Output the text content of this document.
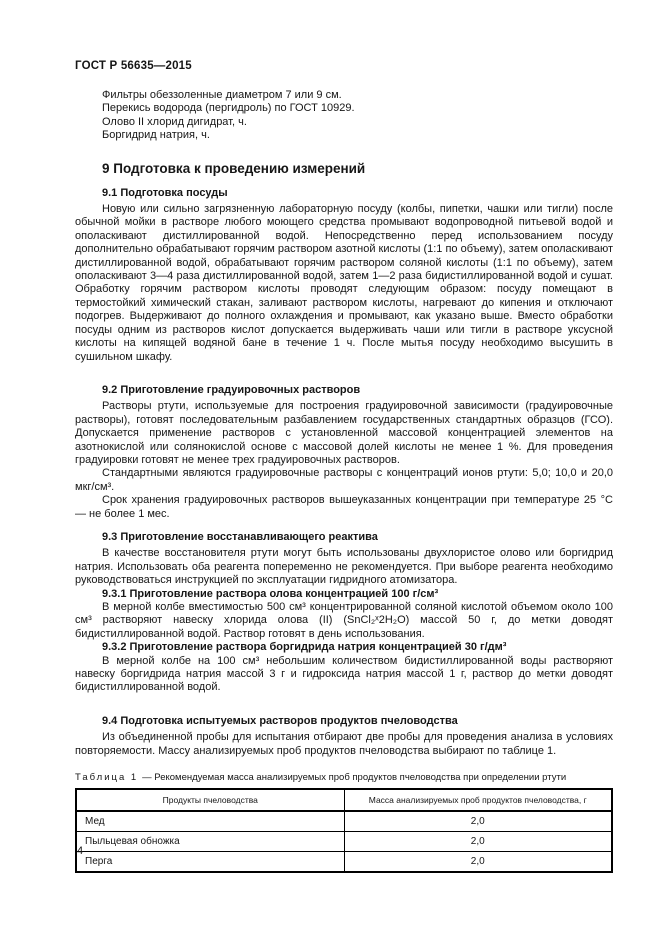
ГОСТ Р 56635—2015
Фильтры обеззоленные диаметром 7 или 9 см.
Перекись водорода (пергидроль) по ГОСТ 10929.
Олово II хлорид дигидрат, ч.
Боргидрид натрия, ч.
9 Подготовка к проведению измерений
9.1 Подготовка посуды

Новую или сильно загрязненную лабораторную посуду (колбы, пипетки, чашки или тигли) после обычной мойки в растворе любого моющего средства промывают водопроводной питьевой водой и ополаскивают дистиллированной водой. Непосредственно перед использованием посуду дополнительно обрабатывают горячим раствором азотной кислоты (1:1 по объему), затем ополаскивают дистиллированной водой, обрабатывают горячим раствором соляной кислоты (1:1 по объему), затем ополаскивают 3—4 раза дистиллированной водой, затем 1—2 раза бидистиллированной водой и сушат. Обработку горячим раствором кислоты проводят следующим образом: посуду помещают в термостойкий химический стакан, заливают раствором кислоты, нагревают до кипения и отключают подогрев. Выдерживают до полного охлаждения и промывают, как указано выше. Вместо обработки посуды одним из растворов кислот допускается выдерживать чаши или тигли в растворе уксусной кислоты на кипящей водяной бане в течение 1 ч. После мытья посуду необходимо высушить в сушильном шкафу.

9.2 Приготовление градуировочных растворов

Растворы ртути, используемые для построения градуировочной зависимости (градуировочные растворы), готовят последовательным разбавлением государственных стандартных образцов (ГСО). Допускается применение растворов с установленной массовой концентрацией элементов на азотнокислой или солянокислой основе с массовой долей кислоты не менее 1 %. Для проведения градуировки готовят не менее трех градуировочных растворов.

Стандартными являются градуировочные растворы с концентраций ионов ртути: 5,0; 10,0 и 20,0 мкг/см³.

Срок хранения градуировочных растворов вышеуказанных концентрации при температуре 25 °С — не более 1 мес.

9.3 Приготовление восстанавливающего реактива

В качестве восстановителя ртути могут быть использованы двухлористое олово или боргидрид натрия. Использовать оба реагента попеременно не рекомендуется. При выборе реагента необходимо руководствоваться инструкцией по эксплуатации гидридного атомизатора.

9.3.1 Приготовление раствора олова концентрацией 100 г/см³

В мерной колбе вместимостью 500 см³ концентрированной соляной кислотой объемом около 100 см³ растворяют навеску хлорида олова (II) (SnCl₂ˣ2H₂O) массой 50 г, до метки доводят бидистиллированной водой. Раствор готовят в день использования.

9.3.2 Приготовление раствора боргидрида натрия концентрацией 30 г/дм³

В мерной колбе на 100 см³ небольшим количеством бидистиллированной воды растворяют навеску боргидрида натрия массой 3 г и гидроксида натрия массой 1 г, раствор до метки доводят бидистиллированной водой.

9.4 Подготовка испытуемых растворов продуктов пчеловодства

Из объединенной пробы для испытания отбирают две пробы для проведения анализа в условиях повторяемости. Массу анализируемых проб продуктов пчеловодства выбирают по таблице 1.

Таблица 1 — Рекомендуемая масса анализируемых проб продуктов пчеловодства при определении ртути
Продукты пчеловодства	Масса анализируемых проб продуктов пчеловодства, г
Мед	2,0
Пыльцевая обножка	2,0
Перга	2,0
4
